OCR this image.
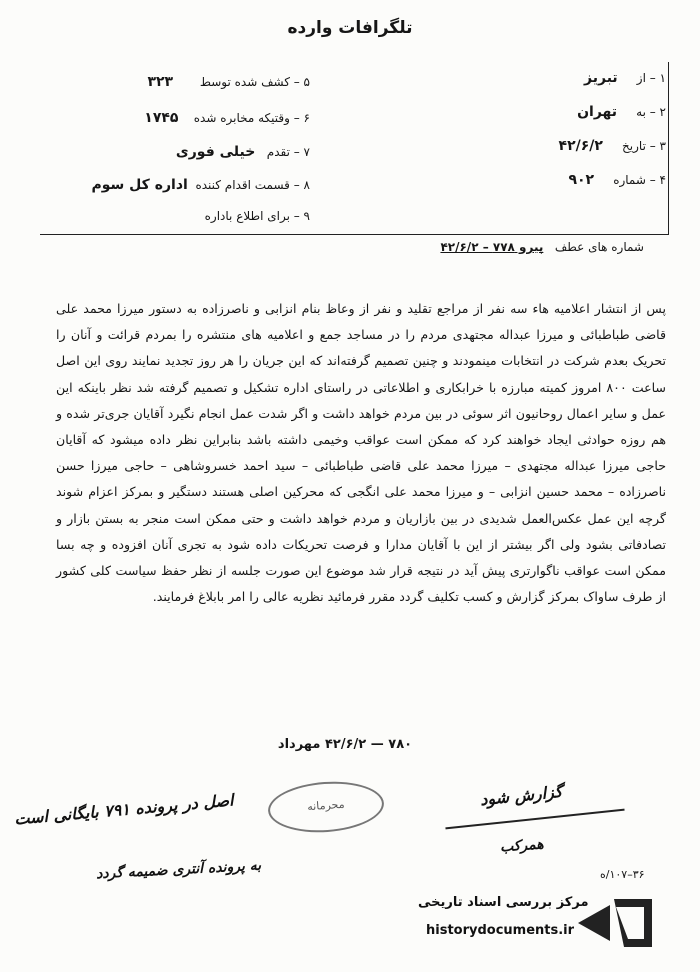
تلگرافات وارده
۱ – از     تبریز
۲ – به     تهران
۳ – تاریخ     ۴۲/۶/۲
۴ – شماره     ۹۰۲
۵ – کشف شده توسط       ۳۲۳
۶ – وقتیکه مخابره شده    ۱۷۴۵
۷ – تقدم   خیلی فوری
۸ – قسمت اقدام کننده  اداره کل سوم
۹ – برای اطلاع باداره
شماره های عطف   پیرو ۷۷۸ – ۴۲/۶/۲
پس از انتشار اعلامیه هاء سه نفر از مراجع تقلید و نفر از وعاظ بنام انزابی و ناصرزاده به دستور میرزا محمد علی قاضی طباطبائی و میرزا عبداله مجتهدی مردم را در مساجد جمع و اعلامیه های منتشره را بمردم قرائت و آنان را تحریک بعدم شرکت در انتخابات مینمودند و چنین تصمیم گرفته‌اند که این جریان را هر روز تجدید نمایند روی این اصل ساعت ۸۰۰ امروز کمیته مبارزه با خرابکاری و اطلاعاتی در راستای اداره تشکیل و تصمیم گرفته شد نظر باینکه این عمل و سایر اعمال روحانیون اثر سوئی در بین مردم خواهد داشت و اگر شدت عمل انجام نگیرد آقایان جری‌تر شده و هم روزه حوادثی ایجاد خواهند کرد که ممکن است عواقب وخیمی داشته باشد بنابراین نظر داده میشود که آقایان حاجی میرزا عبداله مجتهدی – میرزا محمد علی قاضی طباطبائی – سید احمد خسروشاهی – حاجی میرزا حسن ناصرزاده – محمد حسین انزابی – و میرزا محمد علی انگجی که محرکین اصلی هستند دستگیر و بمرکز اعزام شوند گرچه این عمل عکس‌العمل شدیدی در بین بازاریان و مردم خواهد داشت و حتی ممکن است منجر به بستن بازار و تصادفاتی بشود ولی اگر بیشتر از این با آقایان مدارا و فرصت تحریکات داده شود به تجری آنان افزوده و چه بسا ممکن است عواقب ناگوارتری پیش آید در نتیجه قرار شد موضوع این صورت جلسه از نظر حفظ سیاست کلی کشور از طرف ساواک بمرکز گزارش و کسب تکلیف گردد مقرر فرمائید نظریه عالی را امر بابلاغ فرمایند.
۷۸۰ — ۴۲/۶/۲ مهرداد
محرمانه
اصل در پرونده ۷۹۱ بایگانی است
به پرونده آنتری ضمیمه گردد
گزارش شود
همرکب
۳۶–۱۰۷/ه
مرکز بررسی اسناد تاریخی
historydocuments.ir
